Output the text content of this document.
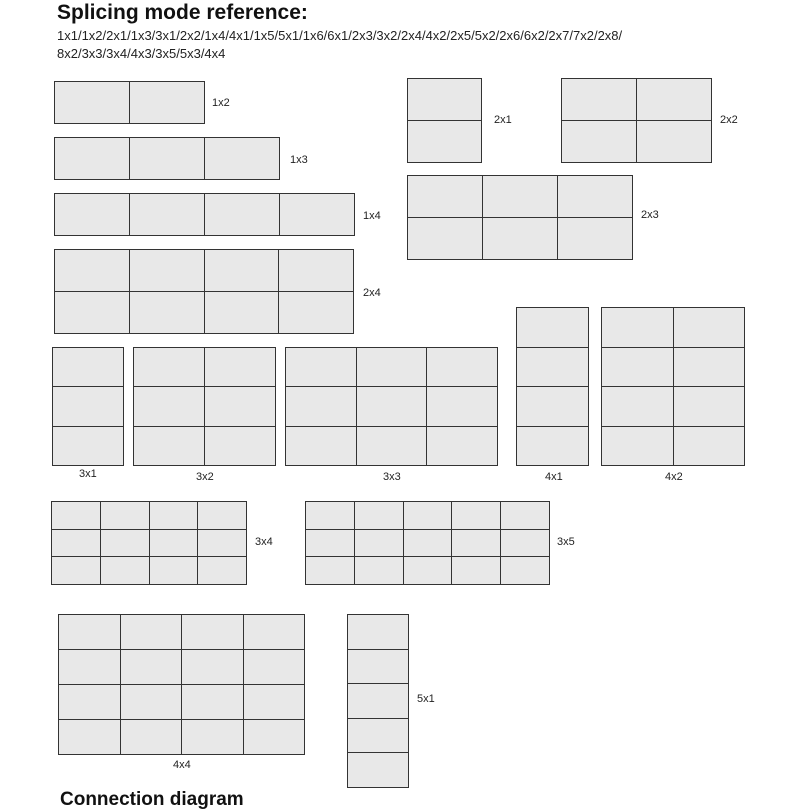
Splicing mode reference:
1x1/1x2/2x1/1x3/3x1/2x2/1x4/4x1/1x5/5x1/1x6/6x1/2x3/3x2/2x4/4x2/2x5/5x2/2x6/6x2/2x7/7x2/2x8/
8x2/3x3/3x4/4x3/3x5/5x3/4x4
1x2
1x3
1x4
2x4
2x1	2x2
2x3
3x1	3x2	3x3	4x1	4x2
3x4	3x5
4x4
5x1
Connection diagram
